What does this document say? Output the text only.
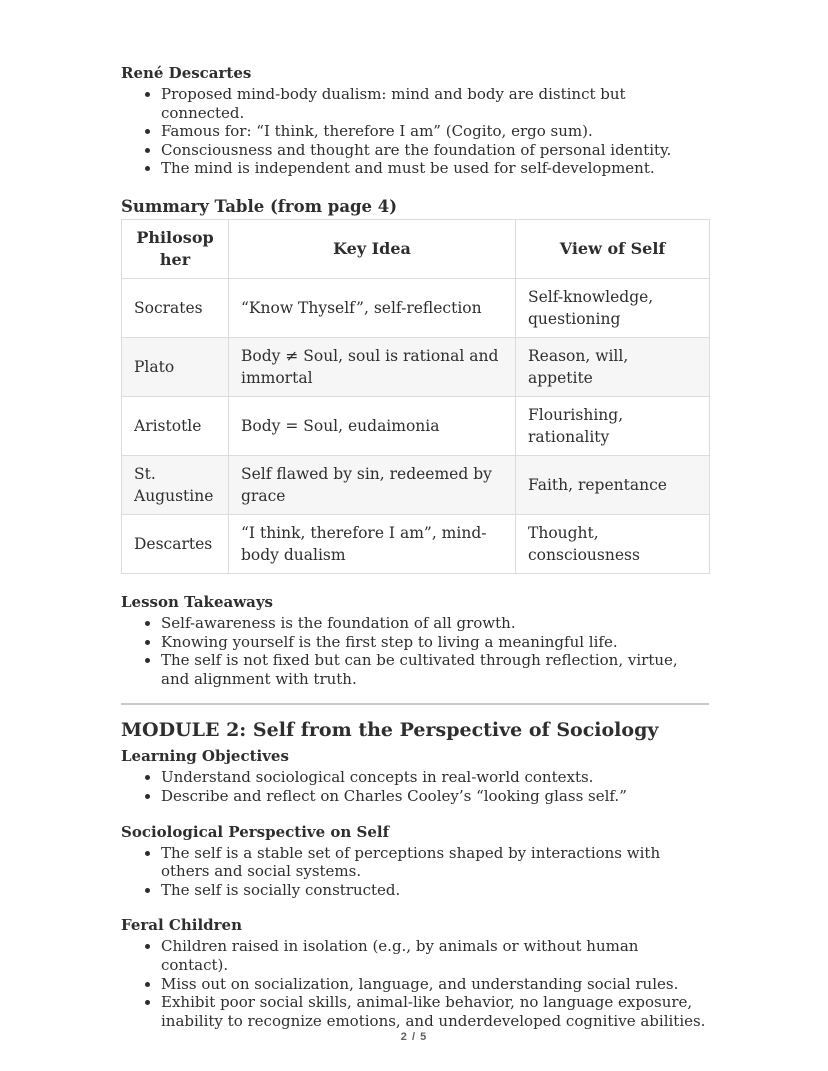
René Descartes

• Proposed mind-body dualism: mind and body are distinct but connected.
• Famous for: “I think, therefore I am” (Cogito, ergo sum).
• Consciousness and thought are the foundation of personal identity.
• The mind is independent and must be used for self-development.

Summary Table (from page 4)

Philosopher	Key Idea	View of Self
Socrates	“Know Thyself”, self-reflection	Self-knowledge, questioning
Plato	Body ≠ Soul, soul is rational and immortal	Reason, will, appetite
Aristotle	Body = Soul, eudaimonia	Flourishing, rationality
St. Augustine	Self flawed by sin, redeemed by grace	Faith, repentance
Descartes	“I think, therefore I am”, mind-body dualism	Thought, consciousness

Lesson Takeaways

• Self-awareness is the foundation of all growth.
• Knowing yourself is the first step to living a meaningful life.
• The self is not fixed but can be cultivated through reflection, virtue, and alignment with truth.

MODULE 2: Self from the Perspective of Sociology

Learning Objectives

• Understand sociological concepts in real-world contexts.
• Describe and reflect on Charles Cooley’s “looking glass self.”

Sociological Perspective on Self

• The self is a stable set of perceptions shaped by interactions with others and social systems.
• The self is socially constructed.

Feral Children

• Children raised in isolation (e.g., by animals or without human contact).
• Miss out on socialization, language, and understanding social rules.
• Exhibit poor social skills, animal-like behavior, no language exposure, inability to recognize emotions, and underdeveloped cognitive abilities.
2 / 5
